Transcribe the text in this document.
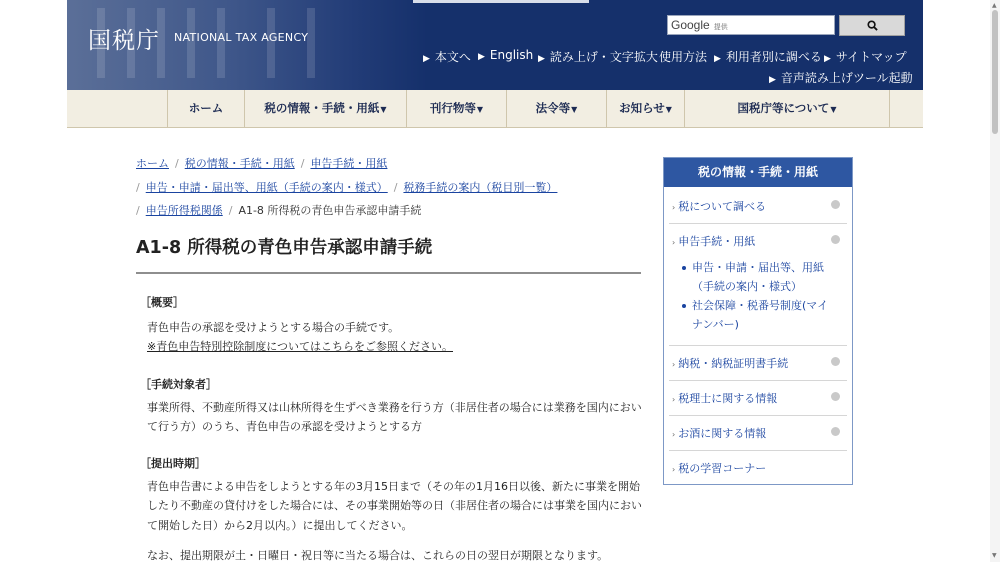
国税庁 NATIONAL TAX AGENCY
Google 提供
▶ 本文へ ▶ English ▶ 読み上げ・文字拡大 使用方法 ▶ 利用者別に調べる ▶ サイトマップ
▶ 音声読み上げツール起動
ホーム	税の情報・手続・用紙▼	刊行物等▼	法令等▼	お知らせ▼	国税庁等について▼
ホーム / 税の情報・手続・用紙 / 申告手続・用紙
/ 申告・申請・届出等、用紙（手続の案内・様式） / 税務手続の案内（税目別一覧）
/ 申告所得税関係 / A1-8 所得税の青色申告承認申請手続
A1-8 所得税の青色申告承認申請手続
［概要］
青色申告の承認を受けようとする場合の手続です。
※青色申告特別控除制度についてはこちらをご参照ください。
［手続対象者］
事業所得、不動産所得又は山林所得を生ずべき業務を行う方（非居住者の場合には業務を国内におい
て行う方）のうち、青色申告の承認を受けようとする方
［提出時期］
青色申告書による申告をしようとする年の3月15日まで（その年の1月16日以後、新たに事業を開始
したり不動産の貸付けをした場合には、その事業開始等の日（非居住者の場合には事業を国内におい
て開始した日）から2月以内。）に提出してください。
なお、提出期限が土・日曜日・祝日等に当たる場合は、これらの日の翌日が期限となります。
税の情報・手続・用紙
› 税について調べる
› 申告手続・用紙
申告・申請・届出等、用紙
（手続の案内・様式）
社会保障・税番号制度(マイ
ナンバー)
› 納税・納税証明書手続
› 税理士に関する情報
› お酒に関する情報
› 税の学習コーナー
▲
▼
